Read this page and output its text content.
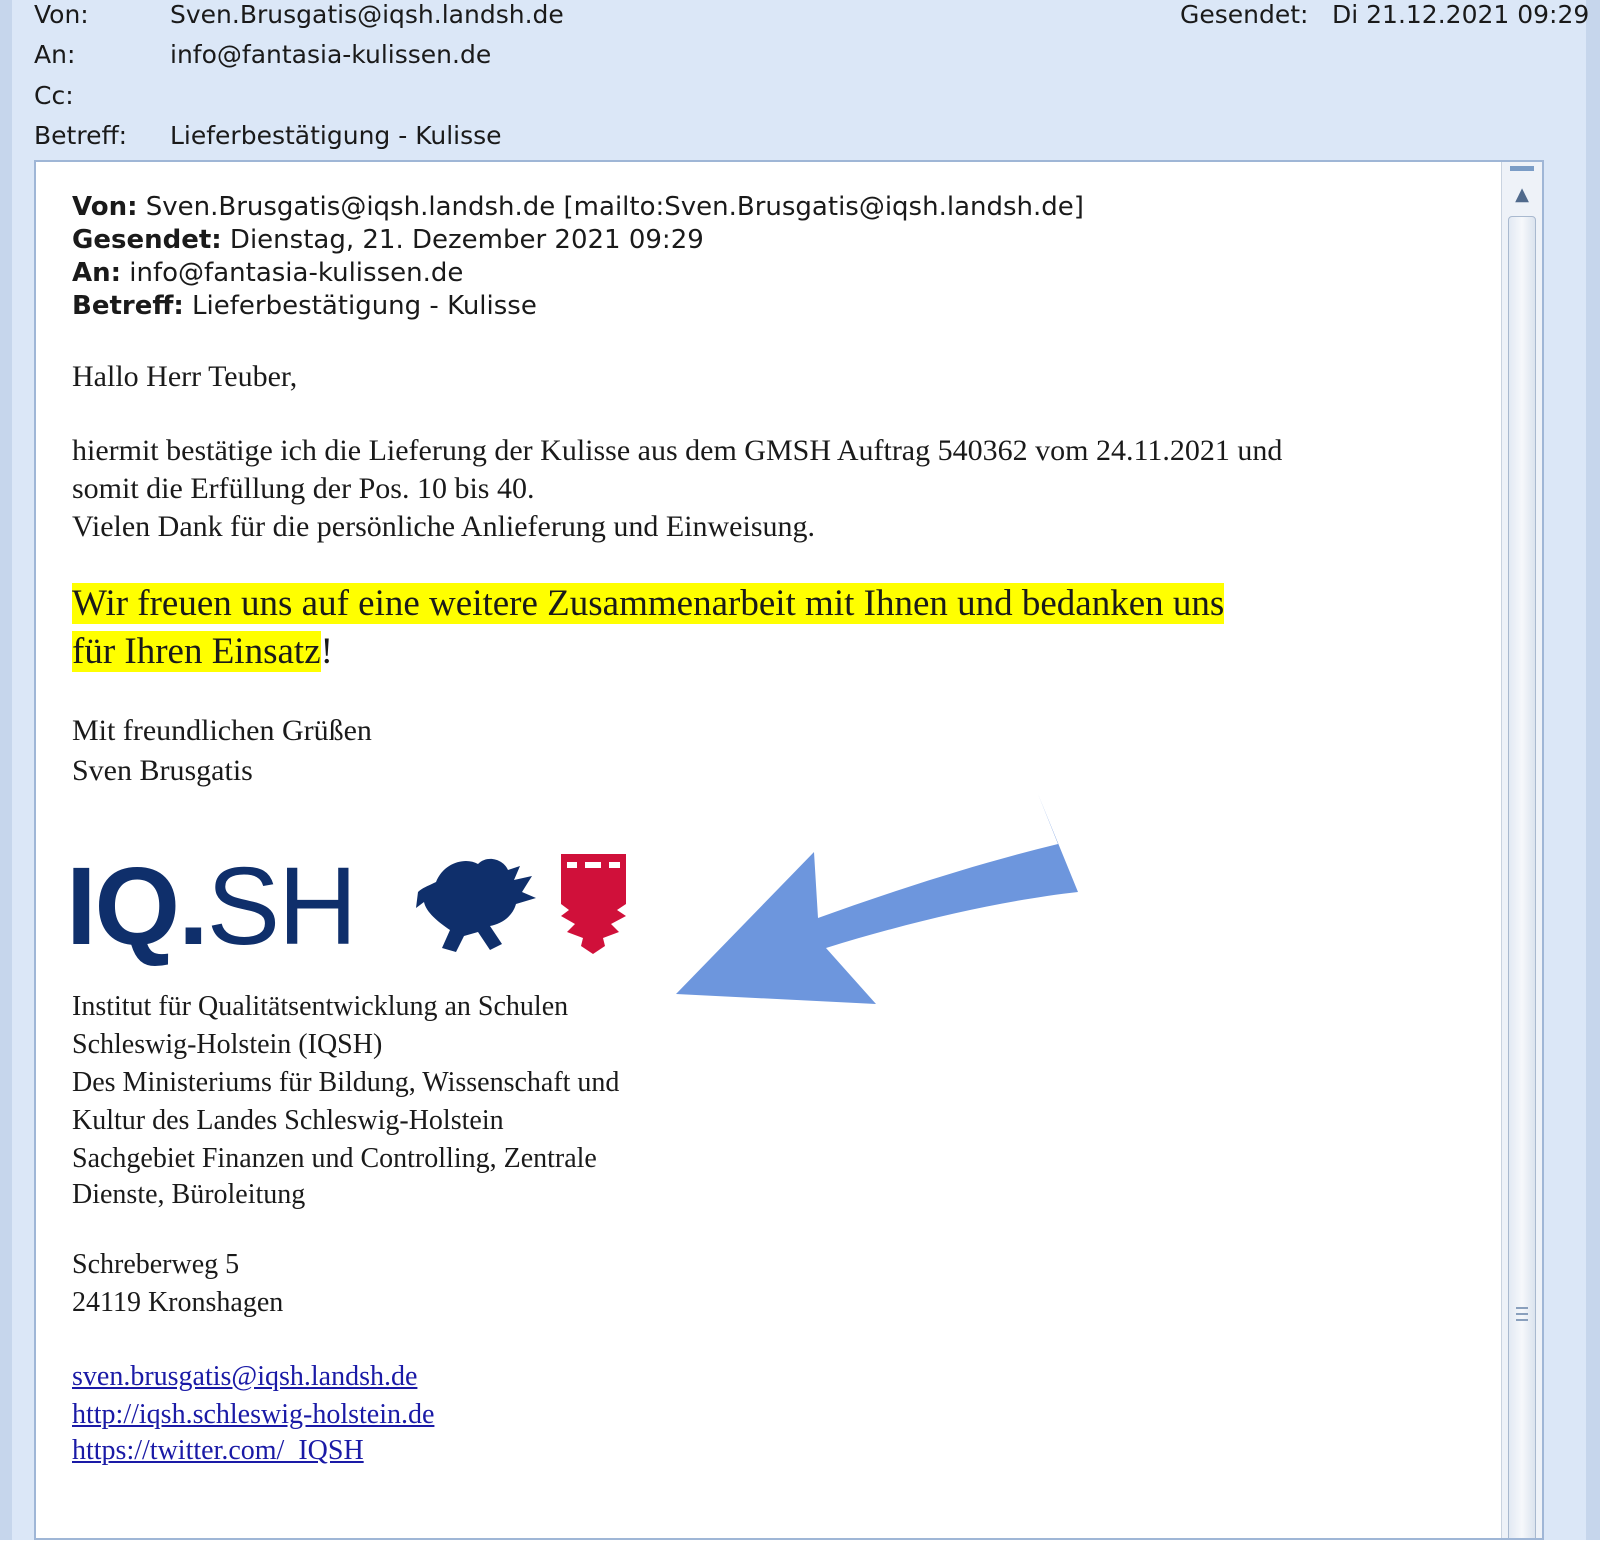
Von:	Sven.Brusgatis@iqsh.landsh.de	Gesendet: Di 21.12.2021 09:29
An:	info@fantasia-kulissen.de
Cc:
Betreff: Lieferbestätigung - Kulisse
Von: Sven.Brusgatis@iqsh.landsh.de [mailto:Sven.Brusgatis@iqsh.landsh.de]
Gesendet: Dienstag, 21. Dezember 2021 09:29
An: info@fantasia-kulissen.de
Betreff: Lieferbestätigung - Kulisse
Hallo Herr Teuber,
hiermit bestätige ich die Lieferung der Kulisse aus dem GMSH Auftrag 540362 vom 24.11.2021 und
somit die Erfüllung der Pos. 10 bis 40.
Vielen Dank für die persönliche Anlieferung und Einweisung.
Wir freuen uns auf eine weitere Zusammenarbeit mit Ihnen und bedanken uns
für Ihren Einsatz!
Mit freundlichen Grüßen
Sven Brusgatis
IQ.SH
Institut für Qualitätsentwicklung an Schulen
Schleswig-Holstein (IQSH)
Des Ministeriums für Bildung, Wissenschaft und
Kultur des Landes Schleswig-Holstein
Sachgebiet Finanzen und Controlling, Zentrale
Dienste, Büroleitung
Schreberweg 5
24119 Kronshagen
sven.brusgatis@iqsh.landsh.de
http://iqsh.schleswig-holstein.de
https://twitter.com/_IQSH
▲
